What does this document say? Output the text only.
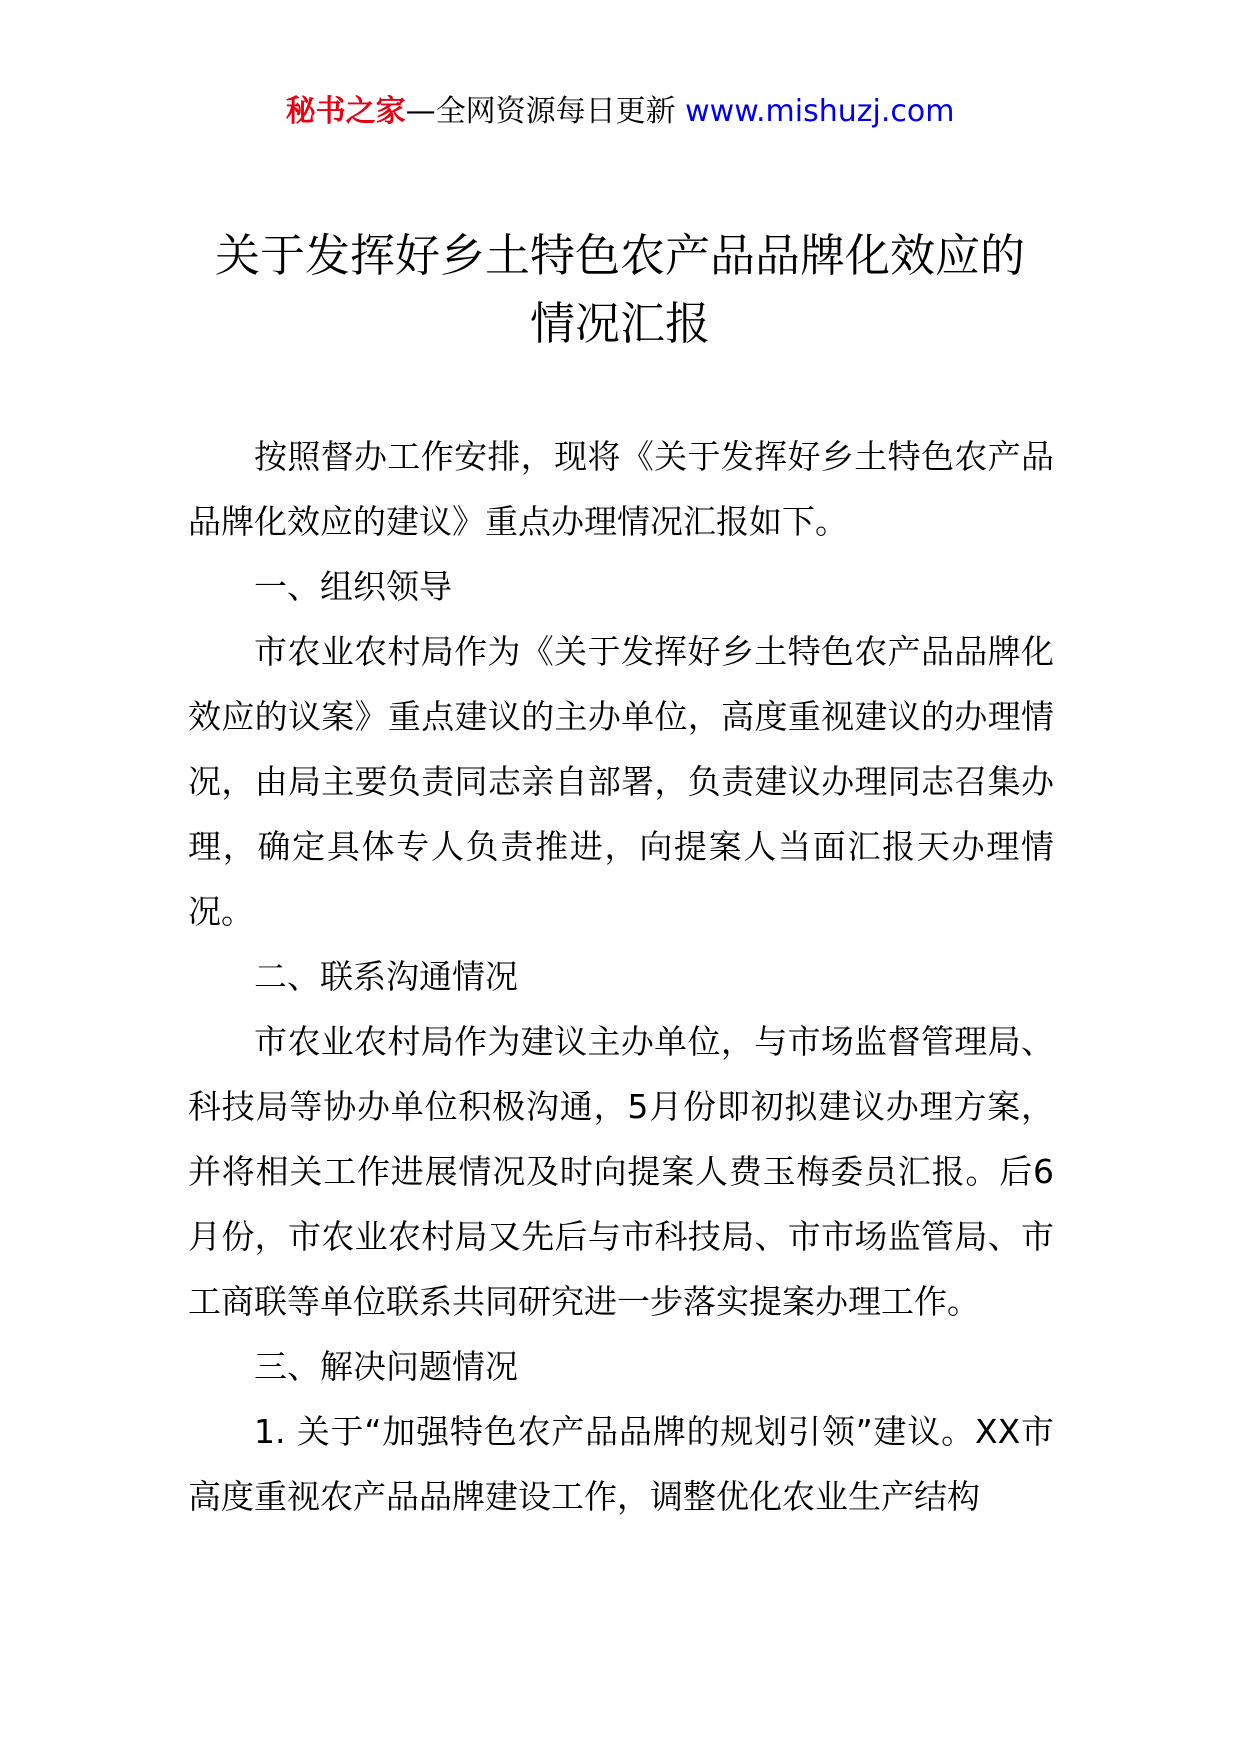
秘书之家—全网资源每日更新 www.mishuzj.com
关于发挥好乡土特色农产品品牌化效应的
情况汇报

按照督办工作安排，现将《关于发挥好乡土特色农产品品牌化效应的建议》重点办理情况汇报如下。

一、组织领导

市农业农村局作为《关于发挥好乡土特色农产品品牌化效应的议案》重点建议的主办单位，高度重视建议的办理情况，由局主要负责同志亲自部署，负责建议办理同志召集办理，确定具体专人负责推进，向提案人当面汇报天办理情况。

二、联系沟通情况

市农业农村局作为建议主办单位，与市场监督管理局、科技局等协办单位积极沟通，5月份即初拟建议办理方案，并将相关工作进展情况及时向提案人费玉梅委员汇报。后6月份，市农业农村局又先后与市科技局、市市场监管局、市工商联等单位联系共同研究进一步落实提案办理工作。

三、解决问题情况

1. 关于“加强特色农产品品牌的规划引领”建议。XX市高度重视农产品品牌建设工作，调整优化农业生产结构
